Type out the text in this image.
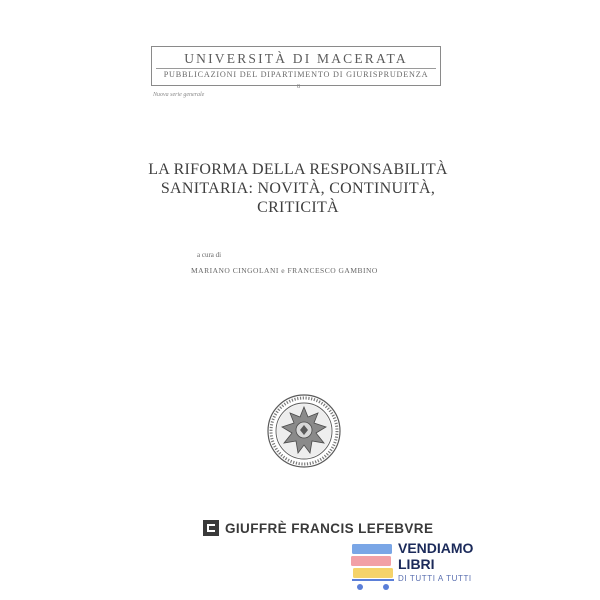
UNIVERSITÀ DI MACERATA
PUBBLICAZIONI DEL DIPARTIMENTO DI GIURISPRUDENZA
8
Nuova serie generale
LA RIFORMA DELLA RESPONSABILITÀ
SANITARIA: NOVITÀ, CONTINUITÀ,
CRITICITÀ
a cura di
MARIANO CINGOLANI e FRANCESCO GAMBINO
GIUFFRÈ FRANCIS LEFEBVRE
VENDIAMO
LIBRI
DI TUTTI A TUTTI
